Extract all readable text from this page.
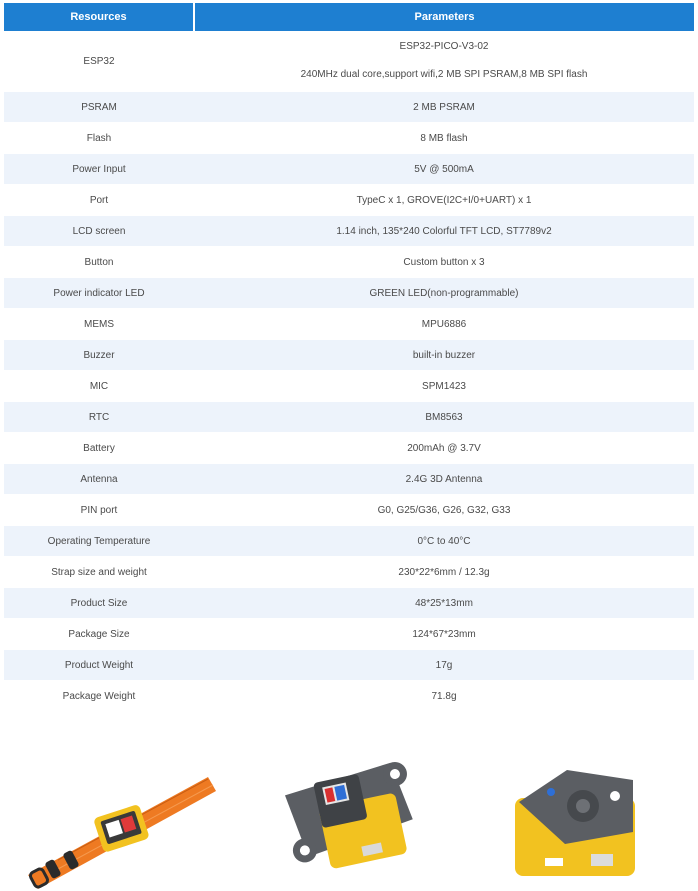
Resources	Parameters
ESP32	ESP32-PICO-V3-02
240MHz dual core,support wifi,2 MB SPI PSRAM,8 MB SPI flash

PSRAM	2 MB PSRAM
Flash	8 MB flash
Power Input	5V @ 500mA
Port	TypeC x 1, GROVE(I2C+I/0+UART) x 1
LCD screen	1.14 inch, 135*240 Colorful TFT LCD, ST7789v2
Button	Custom button x 3
Power indicator LED	GREEN LED(non-programmable)
MEMS	MPU6886
Buzzer	built-in buzzer
MIC	SPM1423
RTC	BM8563
Battery	200mAh @ 3.7V
Antenna	2.4G 3D Antenna
PIN port	G0, G25/G36, G26, G32, G33
Operating Temperature	0°C to 40°C
Strap size and weight	230*22*6mm / 12.3g
Product Size	48*25*13mm
Package Size	124*67*23mm
Product Weight	17g
Package Weight	71.8g
